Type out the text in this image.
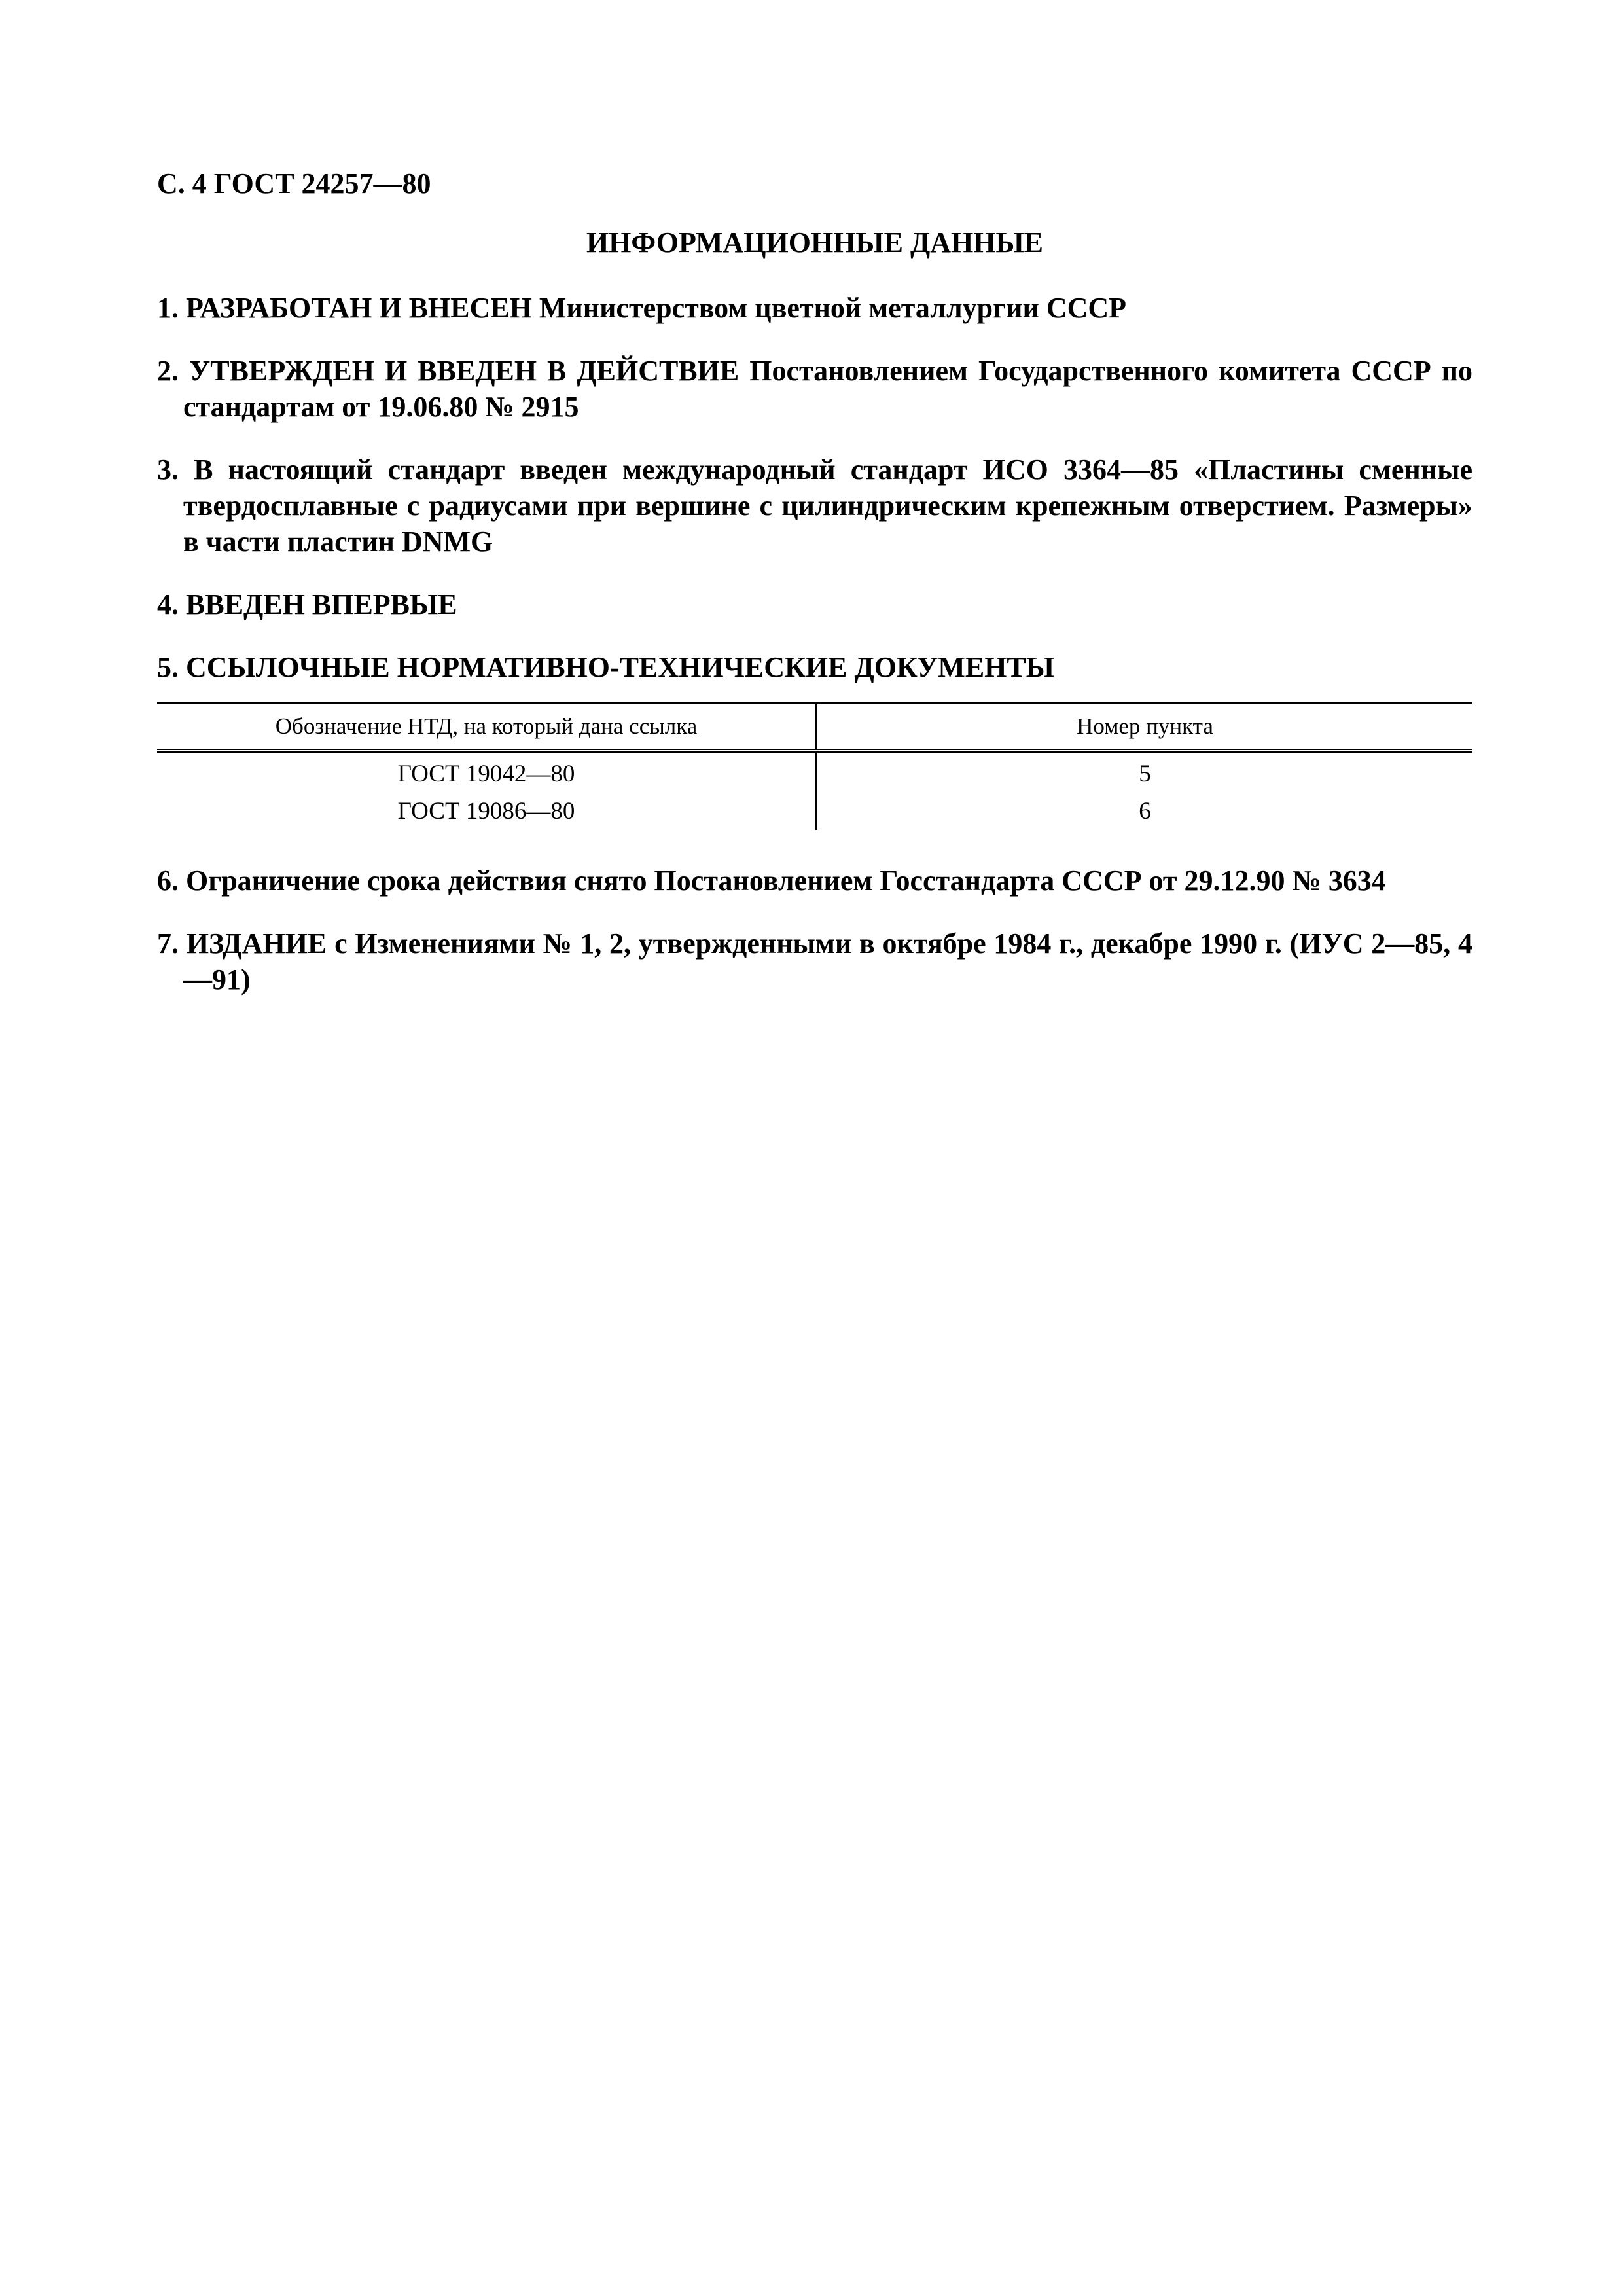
С. 4 ГОСТ 24257—80
ИНФОРМАЦИОННЫЕ ДАННЫЕ
1. РАЗРАБОТАН И ВНЕСЕН Министерством цветной металлургии СССР
2. УТВЕРЖДЕН И ВВЕДЕН В ДЕЙСТВИЕ Постановлением Государственного комитета СССР по стандартам от 19.06.80 № 2915
3. В настоящий стандарт введен международный стандарт ИСО 3364—85 «Пластины сменные твердосплавные с радиусами при вершине с цилиндрическим крепежным отверстием. Размеры» в части пластин DNMG
4. ВВЕДЕН ВПЕРВЫЕ
5. ССЫЛОЧНЫЕ НОРМАТИВНО-ТЕХНИЧЕСКИЕ ДОКУМЕНТЫ
Обозначение НТД, на который дана ссылка	Номер пункта
ГОСТ 19042—80	5
ГОСТ 19086—80	6
6. Ограничение срока действия снято Постановлением Госстандарта СССР от 29.12.90 № 3634
7. ИЗДАНИЕ с Изменениями № 1, 2, утвержденными в октябре 1984 г., декабре 1990 г. (ИУС 2—85, 4—91)
